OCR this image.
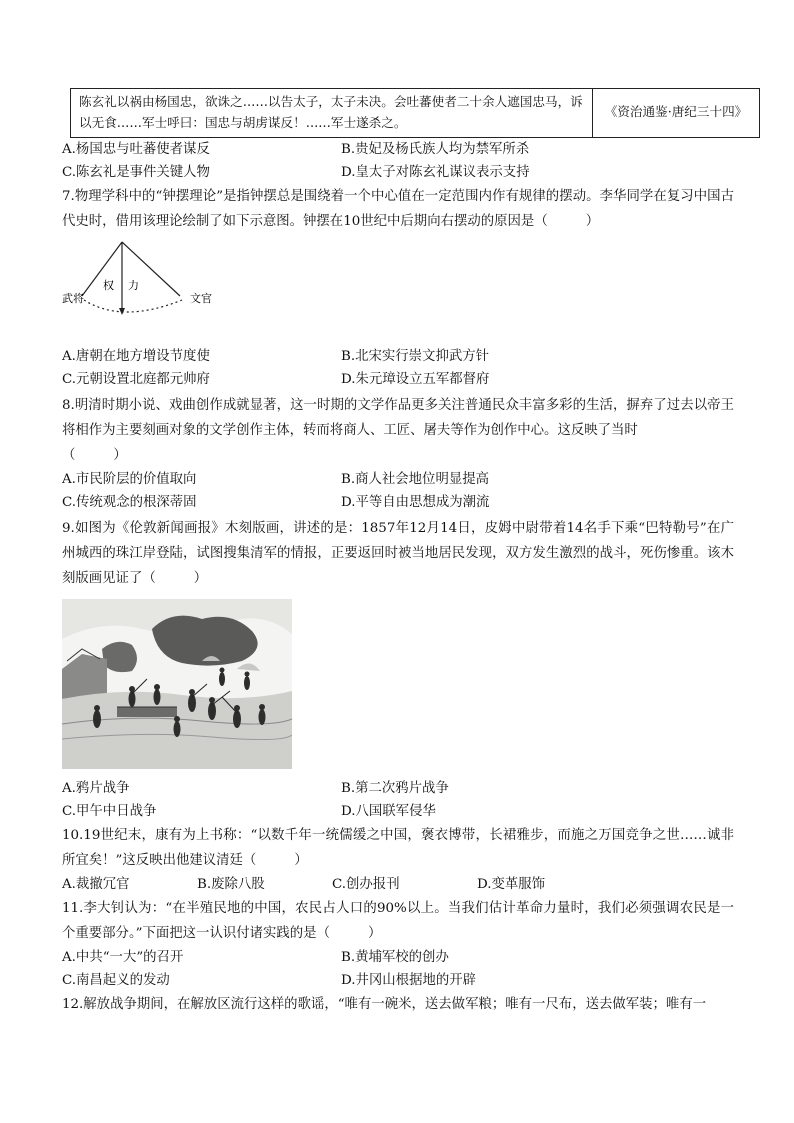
陈玄礼以祸由杨国忠，欲诛之……以告太子，太子未决。会吐蕃使者二十余人遮国忠马，诉以无食……军士呼曰：国忠与胡虏谋反！……军士遂杀之。	《资治通鉴·唐纪三十四》
A.杨国忠与吐蕃使者谋反	B.贵妃及杨氏族人均为禁军所杀
C.陈玄礼是事件关键人物	D.皇太子对陈玄礼谋议表示支持

7.物理学科中的“钟摆理论”是指钟摆总是围绕着一个中心值在一定范围内作有规律的摆动。李华同学在复习中国古代史时，借用该理论绘制了如下示意图。钟摆在10世纪中后期向右摆动的原因是（	）

武将
权 力
文官
A.唐朝在地方增设节度使	B.北宋实行崇文抑武方针
C.元朝设置北庭都元帅府	D.朱元璋设立五军都督府

8.明清时期小说、戏曲创作成就显著，这一时期的文学作品更多关注普通民众丰富多彩的生活，摒弃了过去以帝王将相作为主要刻画对象的文学创作主体，转而将商人、工匠、屠夫等作为创作中心。这反映了当时
（	）

A.市民阶层的价值取向	B.商人社会地位明显提高
C.传统观念的根深蒂固	D.平等自由思想成为潮流

9.如图为《伦敦新闻画报》木刻版画，讲述的是：1857年12月14日，皮姆中尉带着14名手下乘“巴特勒号”在广州城西的珠江岸登陆，试图搜集清军的情报，正要返回时被当地居民发现，双方发生激烈的战斗，死伤惨重。该木刻版画见证了（	）

A.鸦片战争	B.第二次鸦片战争
C.甲午中日战争	D.八国联军侵华

10.19世纪末，康有为上书称：“以数千年一统儒缓之中国，褒衣博带，长裙雅步，而施之万国竞争之世……诚非所宜矣！”这反映出他建议清廷（	）

A.裁撤冗官	B.废除八股	C.创办报刊	D.变革服饰

11.李大钊认为：“在半殖民地的中国，农民占人口的90%以上。当我们估计革命力量时，我们必须强调农民是一个重要部分。”下面把这一认识付诸实践的是（	）

A.中共“一大”的召开	B.黄埔军校的创办
C.南昌起义的发动	D.井冈山根据地的开辟

12.解放战争期间，在解放区流行这样的歌谣，“唯有一碗米，送去做军粮；唯有一尺布，送去做军装；唯有一
